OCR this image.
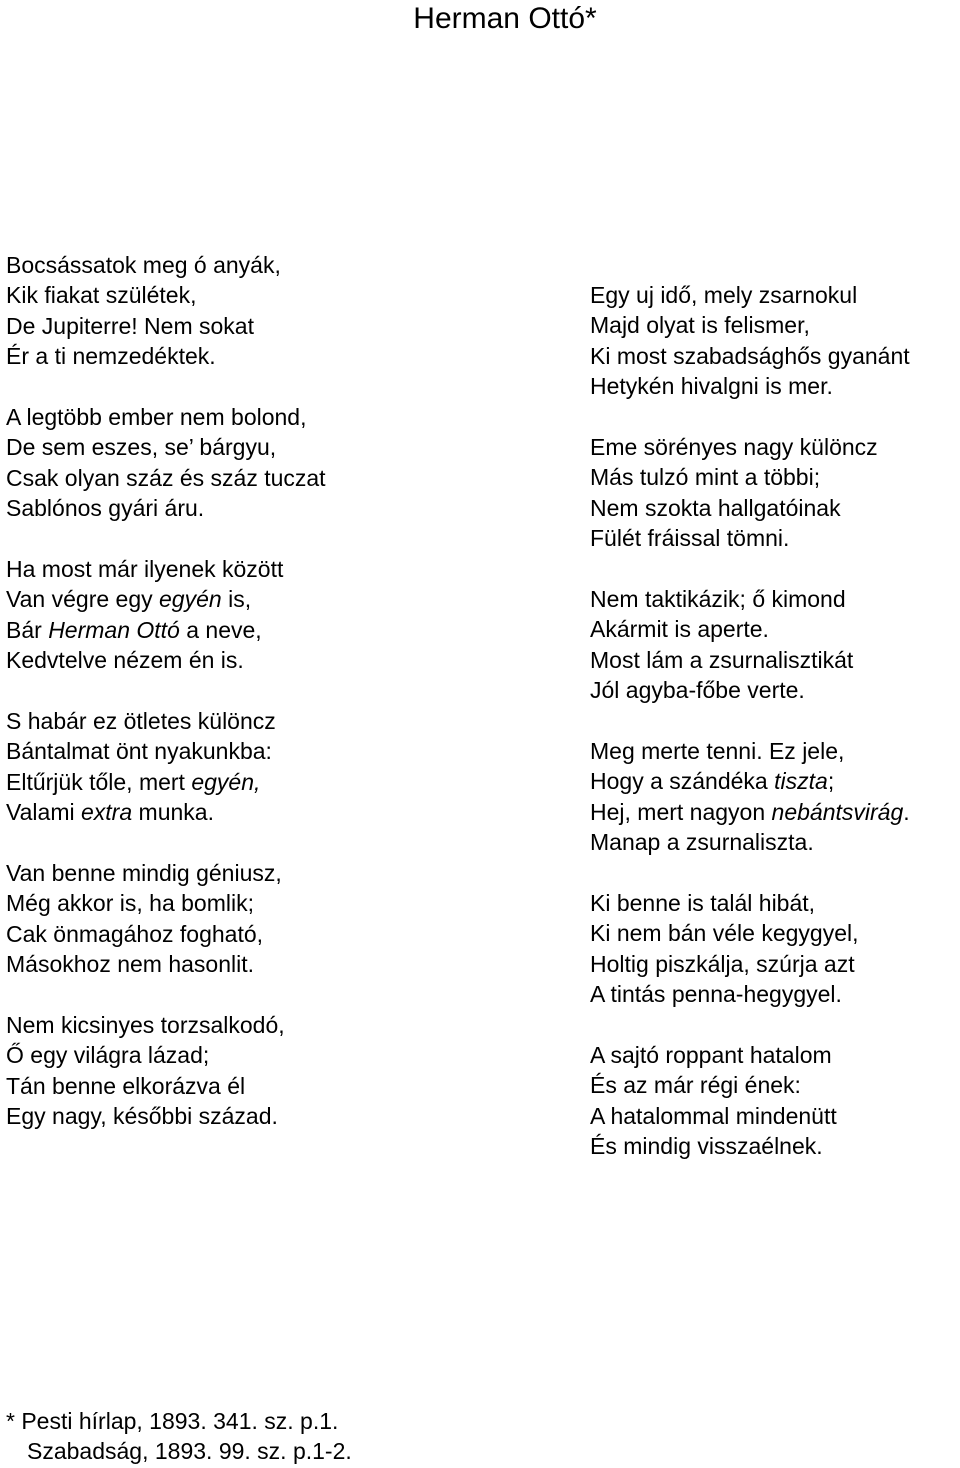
Herman Ottó*
Bocsássatok meg ó anyák,
Kik fiakat szülétek,
De Jupiterre! Nem sokat
Ér a ti nemzedéktek.
A legtöbb ember nem bolond,
De sem eszes, se’ bárgyu,
Csak olyan száz és száz tuczat
Sablónos gyári áru.
Ha most már ilyenek között
Van végre egy egyén is,
Bár Herman Ottó a neve,
Kedvtelve nézem én is.
S habár ez ötletes különcz
Bántalmat önt nyakunkba:
Eltűrjük tőle, mert egyén,
Valami extra munka.
Van benne mindig géniusz,
Még akkor is, ha bomlik;
Cak önmagához fogható,
Másokhoz nem hasonlit.
Nem kicsinyes torzsalkodó,
Ő egy világra lázad;
Tán benne elkorázva él
Egy nagy, későbbi század.
Egy uj idő, mely zsarnokul
Majd olyat is felismer,
Ki most szabadsághős gyanánt
Hetykén hivalgni is mer.
Eme sörényes nagy különcz
Más tulzó mint a többi;
Nem szokta hallgatóinak
Fülét fráissal tömni.
Nem taktikázik; ő kimond
Akármit is aperte.
Most lám a zsurnalisztikát
Jól agyba-főbe verte.
Meg merte tenni. Ez jele,
Hogy a szándéka tiszta;
Hej, mert nagyon nebántsvirág.
Manap a zsurnaliszta.
Ki benne is talál hibát,
Ki nem bán véle kegygyel,
Holtig piszkálja, szúrja azt
A tintás penna-hegygyel.
A sajtó roppant hatalom
És az már régi ének:
A hatalommal mindenütt
És mindig visszaélnek.
* Pesti hírlap, 1893. 341. sz. p.1.
Szabadság, 1893. 99. sz. p.1-2.
